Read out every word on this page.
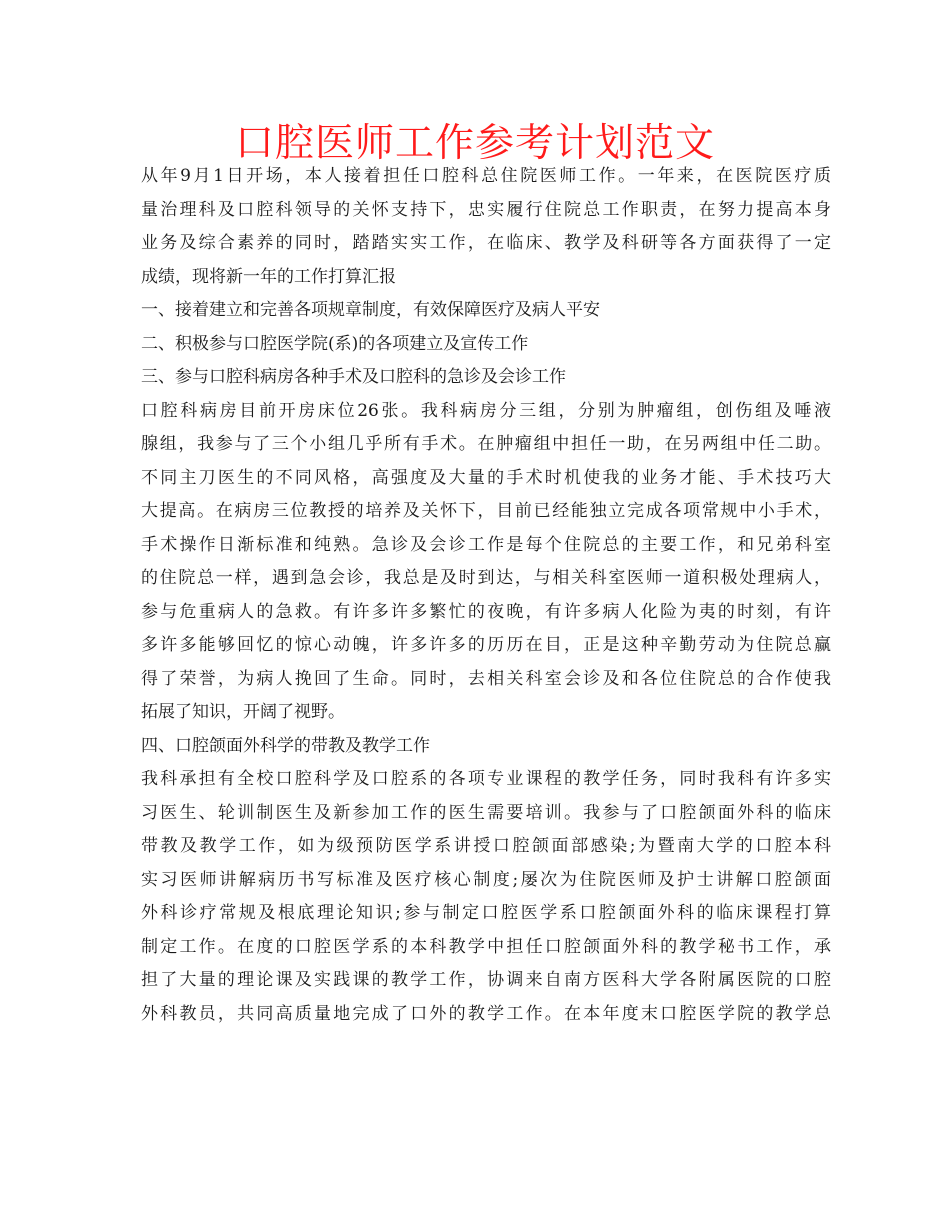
口腔医师工作参考计划范文
从年9月1日开场，本人接着担任口腔科总住院医师工作。一年来，在医院医疗质
量治理科及口腔科领导的关怀支持下，忠实履行住院总工作职责，在努力提高本身
业务及综合素养的同时，踏踏实实工作，在临床、教学及科研等各方面获得了一定
成绩，现将新一年的工作打算汇报
一、接着建立和完善各项规章制度，有效保障医疗及病人平安
二、积极参与口腔医学院(系)的各项建立及宣传工作
三、参与口腔科病房各种手术及口腔科的急诊及会诊工作
口腔科病房目前开房床位26张。我科病房分三组，分别为肿瘤组，创伤组及唾液
腺组，我参与了三个小组几乎所有手术。在肿瘤组中担任一助，在另两组中任二助。
不同主刀医生的不同风格，高强度及大量的手术时机使我的业务才能、手术技巧大
大提高。在病房三位教授的培养及关怀下，目前已经能独立完成各项常规中小手术，
手术操作日渐标准和纯熟。急诊及会诊工作是每个住院总的主要工作，和兄弟科室
的住院总一样，遇到急会诊，我总是及时到达，与相关科室医师一道积极处理病人，
参与危重病人的急救。有许多许多繁忙的夜晚，有许多病人化险为夷的时刻，有许
多许多能够回忆的惊心动魄，许多许多的历历在目，正是这种辛勤劳动为住院总赢
得了荣誉，为病人挽回了生命。同时，去相关科室会诊及和各位住院总的合作使我
拓展了知识，开阔了视野。
四、口腔颌面外科学的带教及教学工作
我科承担有全校口腔科学及口腔系的各项专业课程的教学任务，同时我科有许多实
习医生、轮训制医生及新参加工作的医生需要培训。我参与了口腔颌面外科的临床
带教及教学工作，如为级预防医学系讲授口腔颌面部感染;为暨南大学的口腔本科
实习医师讲解病历书写标准及医疗核心制度;屡次为住院医师及护士讲解口腔颌面
外科诊疗常规及根底理论知识;参与制定口腔医学系口腔颌面外科的临床课程打算
制定工作。在度的口腔医学系的本科教学中担任口腔颌面外科的教学秘书工作，承
担了大量的理论课及实践课的教学工作，协调来自南方医科大学各附属医院的口腔
外科教员，共同高质量地完成了口外的教学工作。在本年度末口腔医学院的教学总
